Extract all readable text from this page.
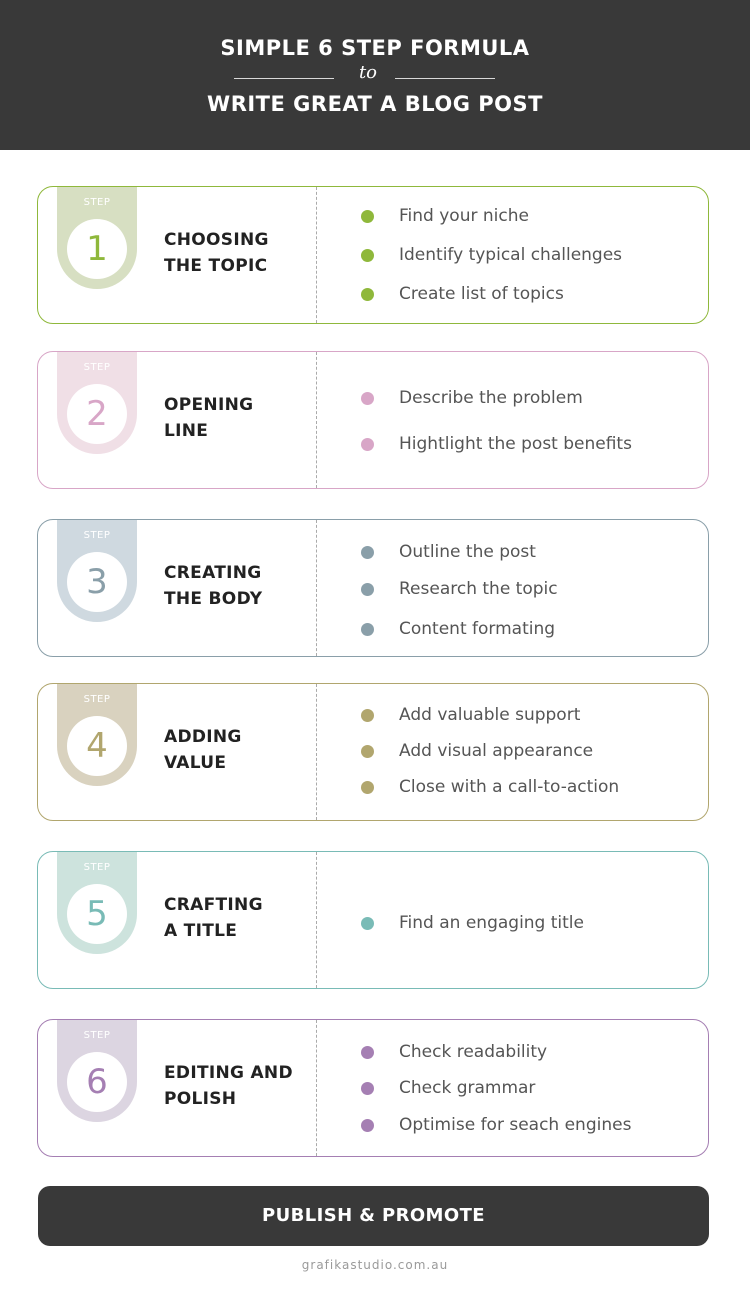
SIMPLE 6 STEP FORMULA
to
WRITE GREAT A BLOG POST
STEP
1	CHOOSING
THE TOPIC
Find your niche
Identify typical challenges
Create list of topics
STEP
2	OPENING
LINE
Describe the problem
Hightlight the post benefits
STEP
3	CREATING
THE BODY
Outline the post
Research the topic
Content formating
STEP
4	ADDING
VALUE
Add valuable support
Add visual appearance
Close with a call-to-action
STEP
5	CRAFTING
A TITLE	Find an engaging title
STEP
6	EDITING AND
POLISH
Check readability
Check grammar
Optimise for seach engines
PUBLISH & PROMOTE
grafikastudio.com.au
